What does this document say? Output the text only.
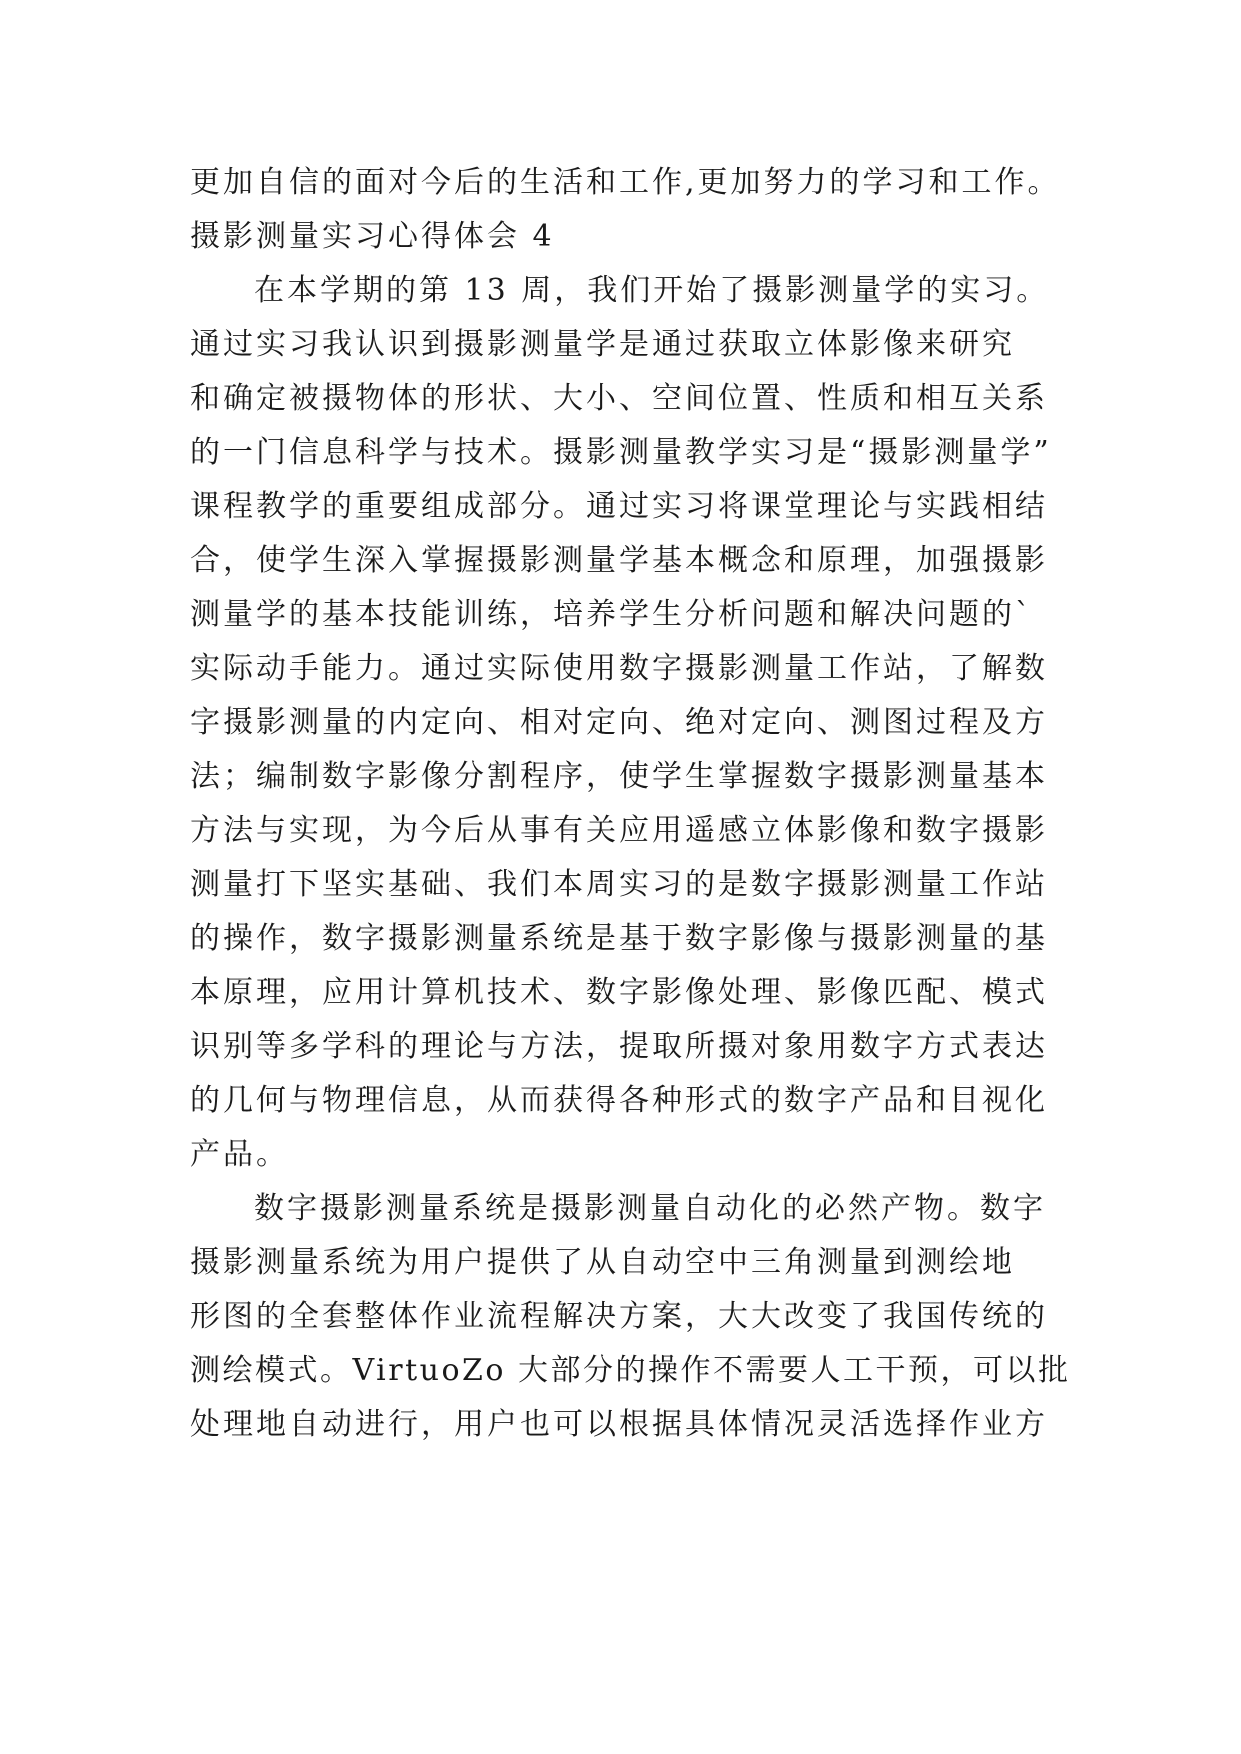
更加自信的面对今后的生活和工作,更加努力的学习和工作。
摄影测量实习心得体会 4
在本学期的第 13 周，我们开始了摄影测量学的实习。
通过实习我认识到摄影测量学是通过获取立体影像来研究
和确定被摄物体的形状、大小、空间位置、性质和相互关系
的一门信息科学与技术。摄影测量教学实习是“摄影测量学”
课程教学的重要组成部分。通过实习将课堂理论与实践相结
合，使学生深入掌握摄影测量学基本概念和原理，加强摄影
测量学的基本技能训练，培养学生分析问题和解决问题的`
实际动手能力。通过实际使用数字摄影测量工作站，了解数
字摄影测量的内定向、相对定向、绝对定向、测图过程及方
法；编制数字影像分割程序，使学生掌握数字摄影测量基本
方法与实现，为今后从事有关应用遥感立体影像和数字摄影
测量打下坚实基础、我们本周实习的是数字摄影测量工作站
的操作，数字摄影测量系统是基于数字影像与摄影测量的基
本原理，应用计算机技术、数字影像处理、影像匹配、模式
识别等多学科的理论与方法，提取所摄对象用数字方式表达
的几何与物理信息，从而获得各种形式的数字产品和目视化
产品。
数字摄影测量系统是摄影测量自动化的必然产物。数字
摄影测量系统为用户提供了从自动空中三角测量到测绘地
形图的全套整体作业流程解决方案，大大改变了我国传统的
测绘模式。VirtuoZo 大部分的操作不需要人工干预，可以批
处理地自动进行，用户也可以根据具体情况灵活选择作业方
